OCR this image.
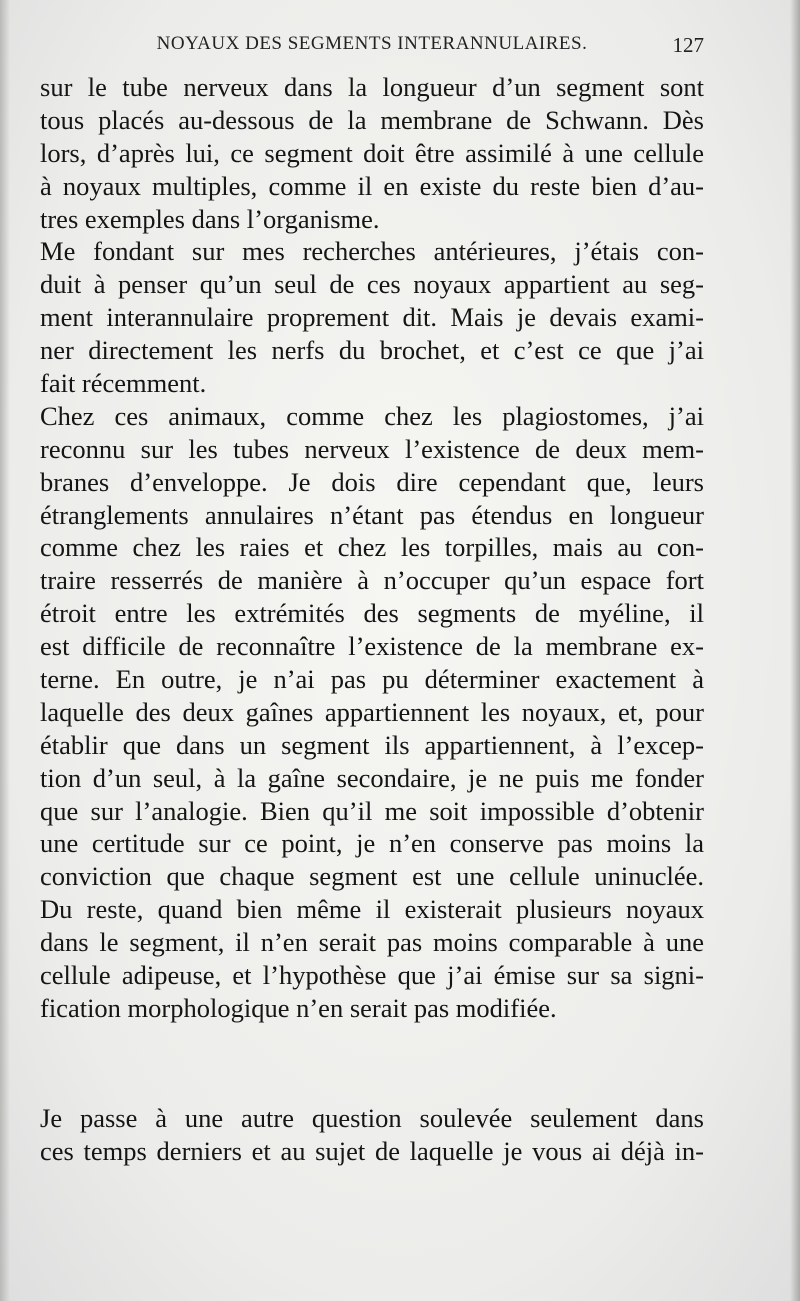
NOYAUX DES SEGMENTS INTERANNULAIRES.	127
sur le tube nerveux dans la longueur d’un segment sont
tous placés au-dessous de la membrane de Schwann. Dès
lors, d’après lui, ce segment doit être assimilé à une cellule
à noyaux multiples, comme il en existe du reste bien d’au-
tres exemples dans l’organisme.
Me fondant sur mes recherches antérieures, j’étais con-
duit à penser qu’un seul de ces noyaux appartient au seg-
ment interannulaire proprement dit. Mais je devais exami-
ner directement les nerfs du brochet, et c’est ce que j’ai
fait récemment.
Chez ces animaux, comme chez les plagiostomes, j’ai
reconnu sur les tubes nerveux l’existence de deux mem-
branes d’enveloppe. Je dois dire cependant que, leurs
étranglements annulaires n’étant pas étendus en longueur
comme chez les raies et chez les torpilles, mais au con-
traire resserrés de manière à n’occuper qu’un espace fort
étroit entre les extrémités des segments de myéline, il
est difficile de reconnaître l’existence de la membrane ex-
terne. En outre, je n’ai pas pu déterminer exactement à
laquelle des deux gaînes appartiennent les noyaux, et, pour
établir que dans un segment ils appartiennent, à l’excep-
tion d’un seul, à la gaîne secondaire, je ne puis me fonder
que sur l’analogie. Bien qu’il me soit impossible d’obtenir
une certitude sur ce point, je n’en conserve pas moins la
conviction que chaque segment est une cellule uninuclée.
Du reste, quand bien même il existerait plusieurs noyaux
dans le segment, il n’en serait pas moins comparable à une
cellule adipeuse, et l’hypothèse que j’ai émise sur sa signi-
fication morphologique n’en serait pas modifiée.
Je passe à une autre question soulevée seulement dans
ces temps derniers et au sujet de laquelle je vous ai déjà in-
